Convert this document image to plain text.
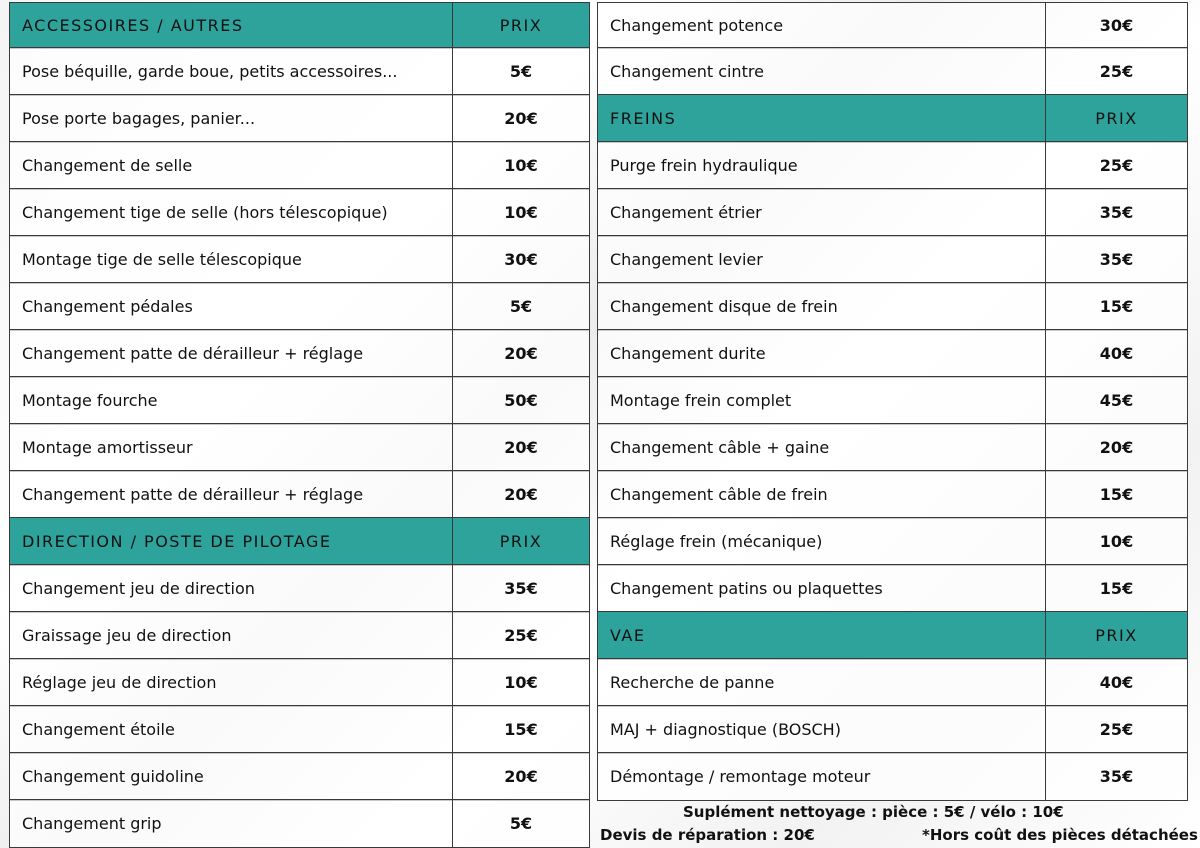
ACCESSOIRES / AUTRES	PRIX
Pose béquille, garde boue, petits accessoires...	5€
Pose porte bagages, panier...	20€
Changement de selle	10€
Changement tige de selle (hors télescopique)	10€
Montage tige de selle télescopique	30€
Changement pédales	5€
Changement patte de dérailleur + réglage	20€
Montage fourche	50€
Montage amortisseur	20€
Changement patte de dérailleur + réglage	20€
DIRECTION / POSTE DE PILOTAGE	PRIX
Changement jeu de direction	35€
Graissage jeu de direction	25€
Réglage jeu de direction	10€
Changement étoile	15€
Changement guidoline	20€
Changement grip	5€
Changement potence	30€
Changement cintre	25€
FREINS	PRIX
Purge frein hydraulique	25€
Changement étrier	35€
Changement levier	35€
Changement disque de frein	15€
Changement durite	40€
Montage frein complet	45€
Changement câble + gaine	20€
Changement câble de frein	15€
Réglage frein (mécanique)	10€
Changement patins ou plaquettes	15€
VAE	PRIX
Recherche de panne	40€
MAJ + diagnostique (BOSCH)	25€
Démontage / remontage moteur	35€
Suplément nettoyage : pièce : 5€ / vélo : 10€
Devis de réparation : 20€	*Hors coût des pièces détachées
